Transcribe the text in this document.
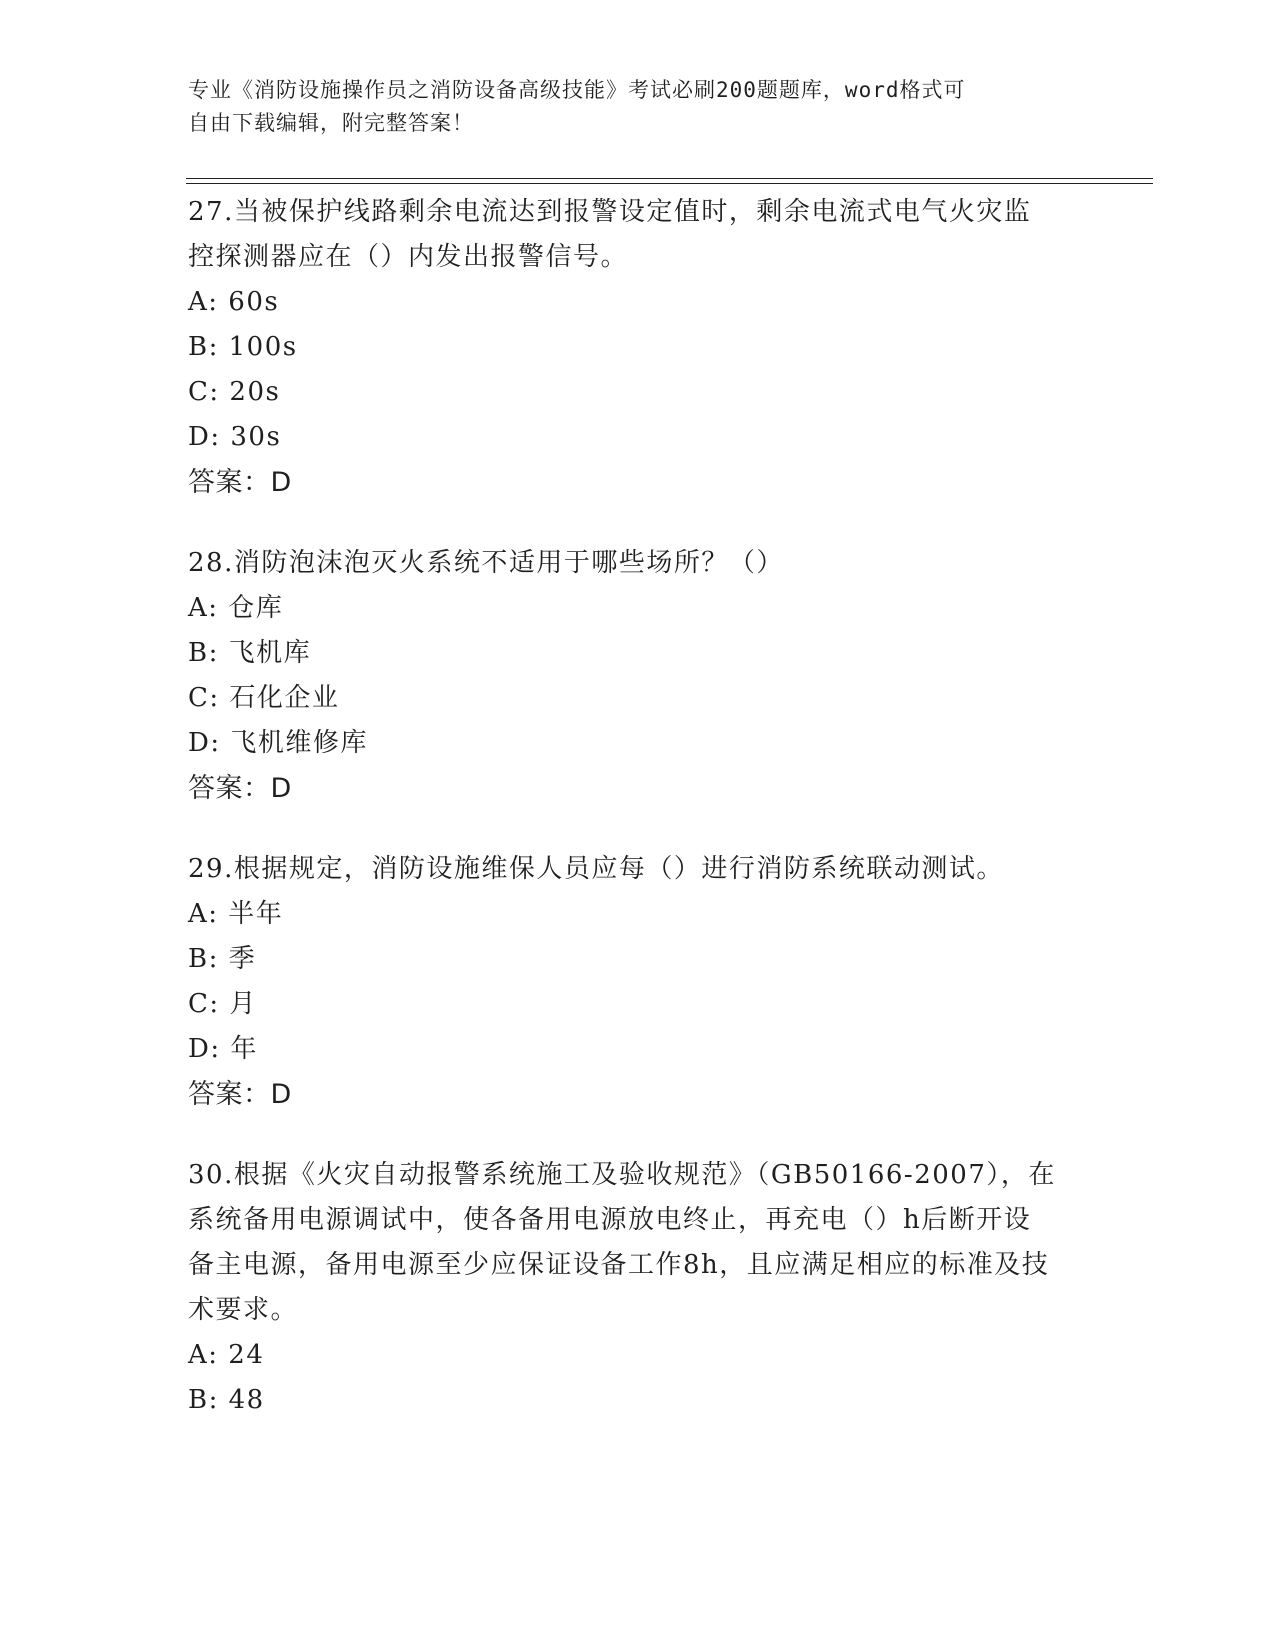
专业《消防设施操作员之消防设备高级技能》考试必刷200题题库，word格式可
自由下载编辑，附完整答案！
27.当被保护线路剩余电流达到报警设定值时，剩余电流式电气火灾监控探测器应在（）内发出报警信号。
A: 60s
B: 100s
C: 20s
D: 30s
答案：D
28.消防泡沫泡灭火系统不适用于哪些场所？（）
A: 仓库
B: 飞机库
C: 石化企业
D: 飞机维修库
答案：D
29.根据规定，消防设施维保人员应每（）进行消防系统联动测试。
A: 半年
B: 季
C: 月
D: 年
答案：D
30.根据《火灾自动报警系统施工及验收规范》（GB50166-2007），在系统备用电源调试中，使各备用电源放电终止，再充电（）h后断开设备主电源，备用电源至少应保证设备工作8h，且应满足相应的标准及技术要求。
A: 24
B: 48
